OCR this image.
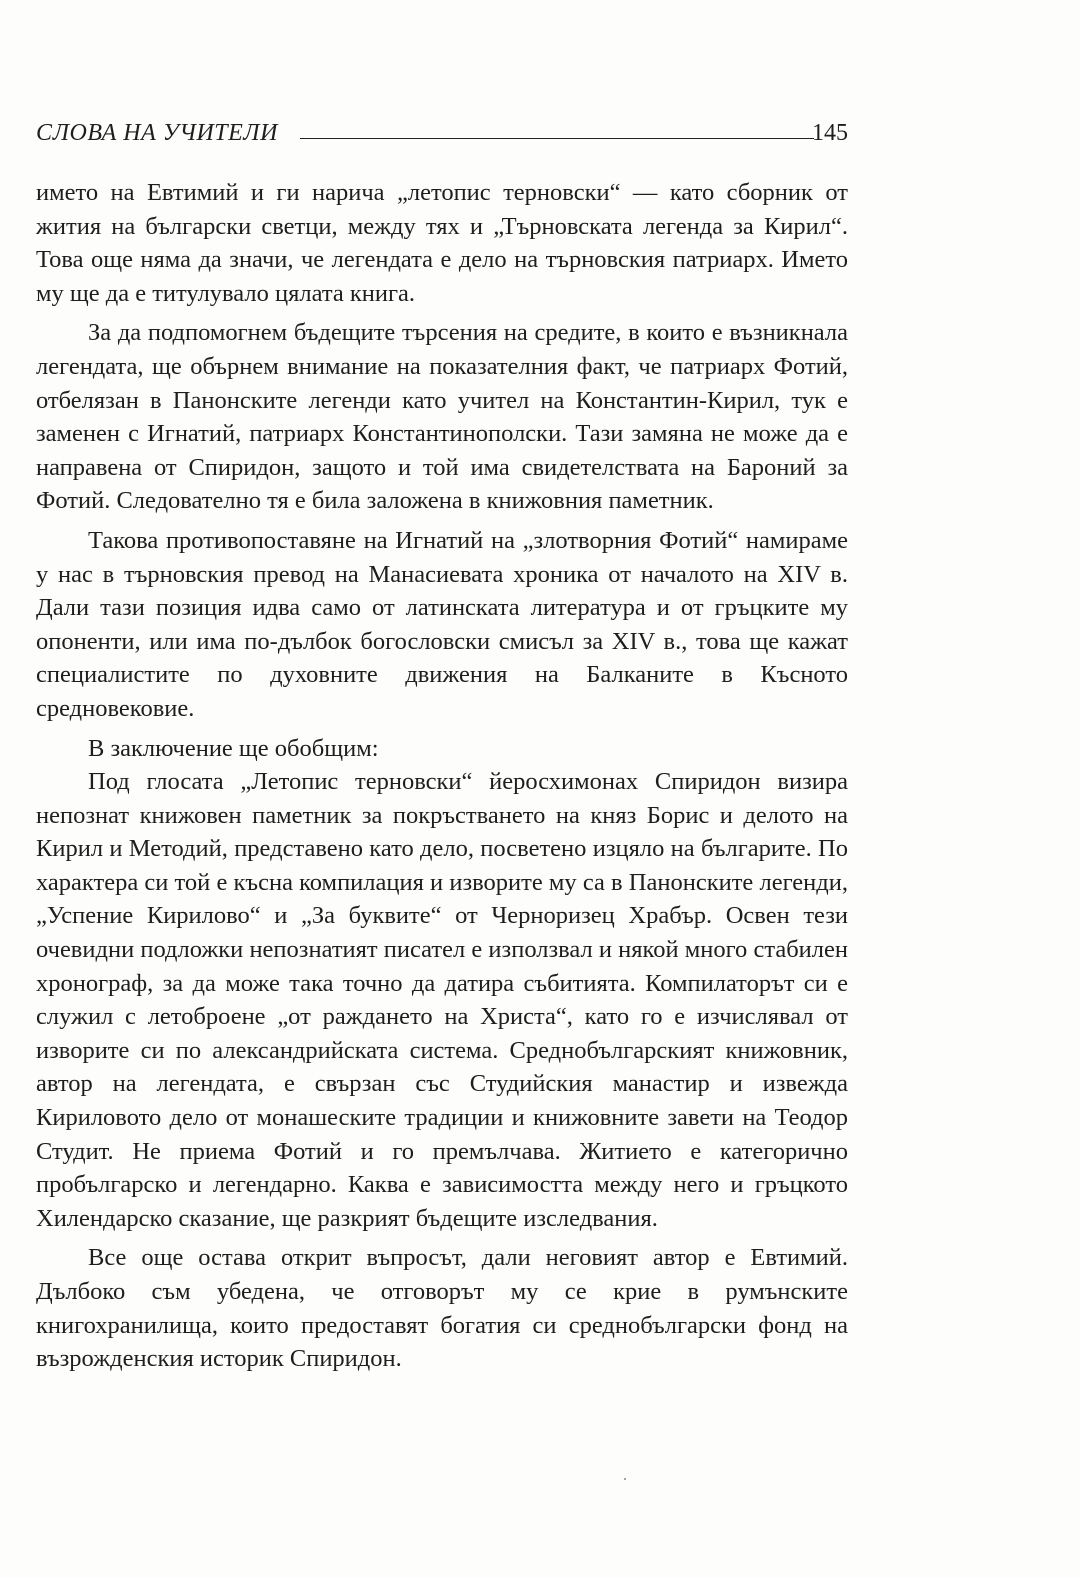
СЛОВА НА УЧИТЕЛИ	145

името на Евтимий и ги нарича „летопис терновски“ — като сборник от жития на български светци, между тях и „Търновската легенда за Кирил“. Това още няма да значи, че легендата е дело на търновския патриарх. Името му ще да е титулувало цялата книга.

За да подпомогнем бъдещите търсения на средите, в които е възникнала легендата, ще обърнем внимание на показателния факт, че патриарх Фотий, отбелязан в Панонските легенди като учител на Константин-Кирил, тук е заменен с Игнатий, патриарх Константинополски. Тази замяна не може да е направена от Спиридон, защото и той има свидетелствата на Бароний за Фотий. Следователно тя е била заложена в книжовния паметник.

Такова противопоставяне на Игнатий на „злотворния Фотий“ намираме у нас в търновския превод на Манасиевата хроника от началото на XIV в. Дали тази позиция идва само от латинската литература и от гръцките му опоненти, или има по-дълбок богословски смисъл за XIV в., това ще кажат специалистите по духовните движения на Балканите в Късното средновековие.

В заключение ще обобщим:

Под глосата „Летопис терновски“ йеросхимонах Спиридон визира непознат книжовен паметник за покръстването на княз Борис и делото на Кирил и Методий, представено като дело, посветено изцяло на българите. По характера си той е късна компилация и изворите му са в Панонските легенди, „Успение Кирилово“ и „За буквите“ от Черноризец Храбър. Освен тези очевидни подложки непознатият писател е използвал и някой много стабилен хронограф, за да може така точно да датира събитията. Компилаторът си е служил с летоброене „от раждането на Христа“, като го е изчислявал от изворите си по александрийската система. Среднобългарският книжовник, автор на легендата, е свързан със Студийския манастир и извежда Кириловото дело от монашеските традиции и книжовните завети на Теодор Студит. Не приема Фотий и го премълчава. Житието е категорично пробългарско и легендарно. Каква е зависимостта между него и гръцкото Хилендарско сказание, ще разкрият бъдещите изследвания.

Все още остава открит въпросът, дали неговият автор е Евтимий. Дълбоко съм убедена, че отговорът му се крие в румънските книгохранилища, които предоставят богатия си среднобългарски фонд на възрожденския историк Спиридон.
